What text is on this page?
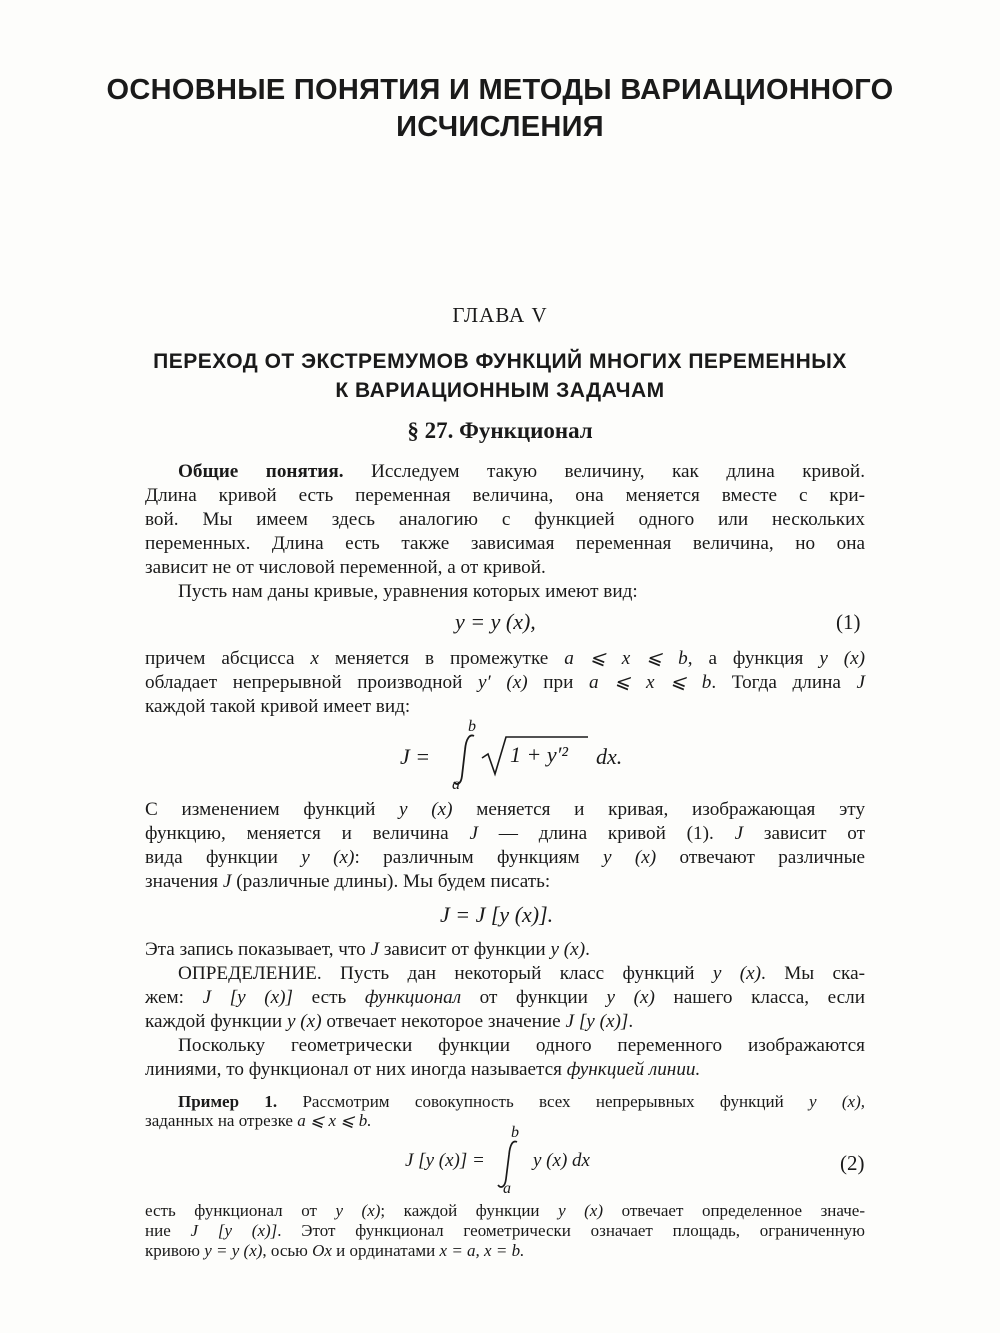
ОСНОВНЫЕ ПОНЯТИЯ И МЕТОДЫ ВАРИАЦИОННОГО
ИСЧИСЛЕНИЯ
ГЛАВА V
ПЕРЕХОД ОТ ЭКСТРЕМУМОВ ФУНКЦИЙ МНОГИХ ПЕРЕМЕННЫХ
К ВАРИАЦИОННЫМ ЗАДАЧАМ
§ 27. Функционал
Общие понятия. Исследуем такую величину, как длина кривой.
Длина кривой есть переменная величина, она меняется вместе с кри-
вой. Мы имеем здесь аналогию с функцией одного или нескольких
переменных. Длина есть также зависимая переменная величина, но она
зависит не от числовой переменной, а от кривой.
Пусть нам даны кривые, уравнения которых имеют вид:
y = y (x),	(1)
причем абсцисса x меняется в промежутке a ⩽ x ⩽ b, а функция y (x)
обладает непрерывной производной y′ (x) при a ⩽ x ⩽ b. Тогда длина J
каждой такой кривой имеет вид:
J =
b
a
1 + y′² dx.
С изменением функций y (x) меняется и кривая, изображающая эту
функцию, меняется и величина J — длина кривой (1). J зависит от
вида функции y (x): различным функциям y (x) отвечают различные
значения J (различные длины). Мы будем писать:
J = J [y (x)].
Эта запись показывает, что J зависит от функции y (x).
ОПРЕДЕЛЕНИЕ. Пусть дан некоторый класс функций y (x). Мы ска-
жем: J [y (x)] есть функционал от функции y (x) нашего класса, если
каждой функции y (x) отвечает некоторое значение J [y (x)].
Поскольку геометрически функции одного переменного изображаются
линиями, то функционал от них иногда называется функцией линии.
Пример 1. Рассмотрим совокупность всех непрерывных функций y (x),
заданных на отрезке a ⩽ x ⩽ b.
J [y (x)] =
b
a
y (x) dx	(2)
есть функционал от y (x); каждой функции y (x) отвечает определенное значе-
ние J [y (x)]. Этот функционал геометрически означает площадь, ограниченную
кривою y = y (x), осью Ox и ординатами x = a, x = b.
